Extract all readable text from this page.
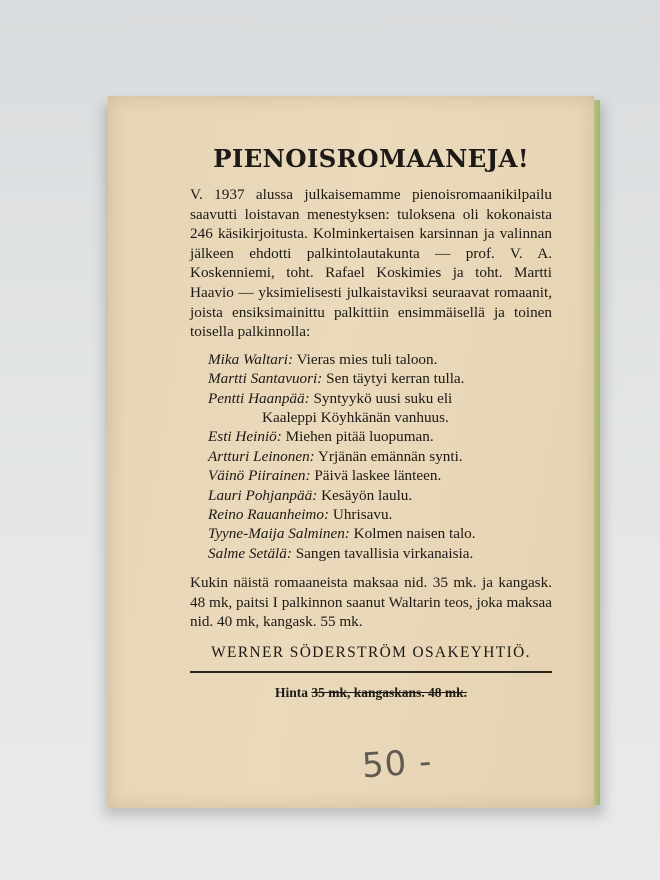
PIENOISROMAANEJA!

V. 1937 alussa julkaisemamme pienoisromaanikilpailu saavutti loistavan menestyksen: tuloksena oli kokonaista 246 käsikirjoitusta. Kolminkertaisen karsinnan ja valinnan jälkeen ehdotti palkintolautakunta — prof. V. A. Koskenniemi, toht. Rafael Koskimies ja toht. Martti Haavio — yksimielisesti julkaistaviksi seuraavat romaanit, joista ensiksimainittu palkittiin ensimmäisellä ja toinen toisella palkinnolla:

Mika Waltari: Vieras mies tuli taloon.
Martti Santavuori: Sen täytyi kerran tulla.
Pentti Haanpää: Syntyykö uusi suku eli
Kaaleppi Köyhkänän vanhuus.
Esti Heiniö: Miehen pitää luopuman.
Artturi Leinonen: Yrjänän emännän synti.
Väinö Piirainen: Päivä laskee länteen.
Lauri Pohjanpää: Kesäyön laulu.
Reino Rauanheimo: Uhrisavu.
Tyyne-Maija Salminen: Kolmen naisen talo.
Salme Setälä: Sangen tavallisia virkanaisia.

Kukin näistä romaaneista maksaa nid. 35 mk. ja kangask. 48 mk, paitsi I palkinnon saanut Waltarin teos, joka maksaa nid. 40 mk, kangask. 55 mk.

WERNER SÖDERSTRÖM OSAKEYHTIÖ.
Hinta 35 mk, kangaskans. 48 mk.
50 -
